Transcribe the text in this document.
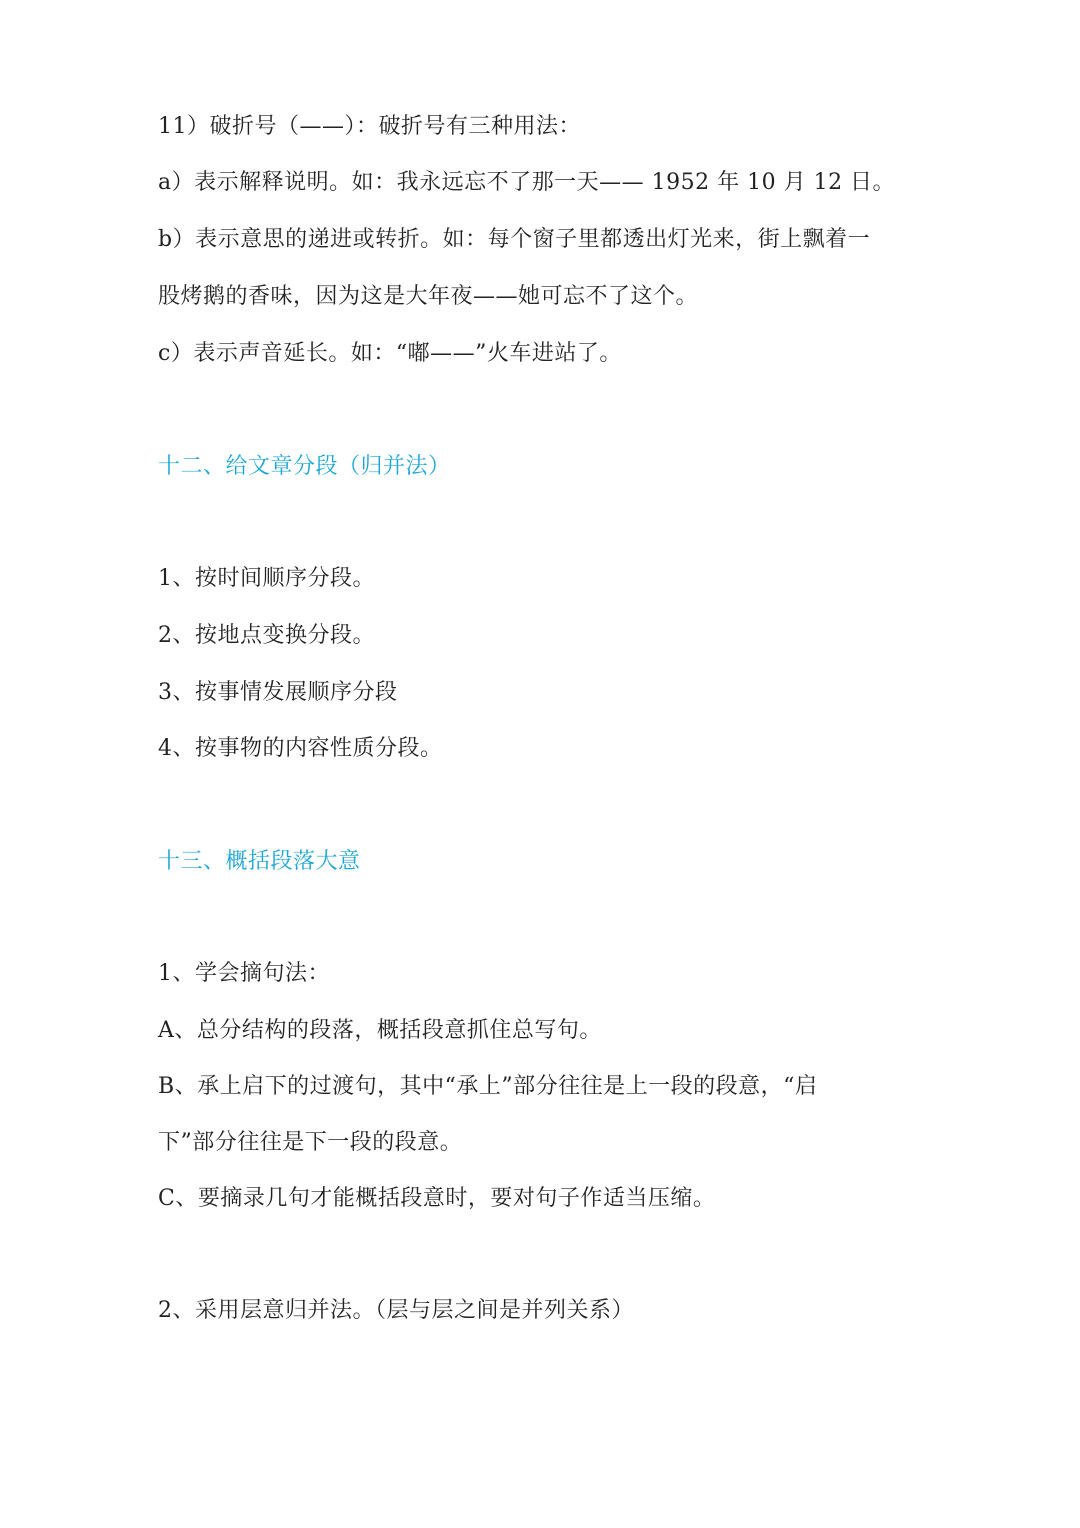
11）破折号（——）：破折号有三种用法：
a）表示解释说明。如：我永远忘不了那一天—— 1952 年 10 月 12 日。
b）表示意思的递进或转折。如：每个窗子里都透出灯光来，街上飘着一
股烤鹅的香味，因为这是大年夜——她可忘不了这个。
c）表示声音延长。如：“嘟——”火车进站了。
十二、给文章分段（归并法）
1、按时间顺序分段。
2、按地点变换分段。
3、按事情发展顺序分段
4、按事物的内容性质分段。
十三、概括段落大意
1、学会摘句法：
A、总分结构的段落，概括段意抓住总写句。
B、承上启下的过渡句，其中“承上”部分往往是上一段的段意，“启
下”部分往往是下一段的段意。
C、要摘录几句才能概括段意时，要对句子作适当压缩。
2、采用层意归并法。（层与层之间是并列关系）
